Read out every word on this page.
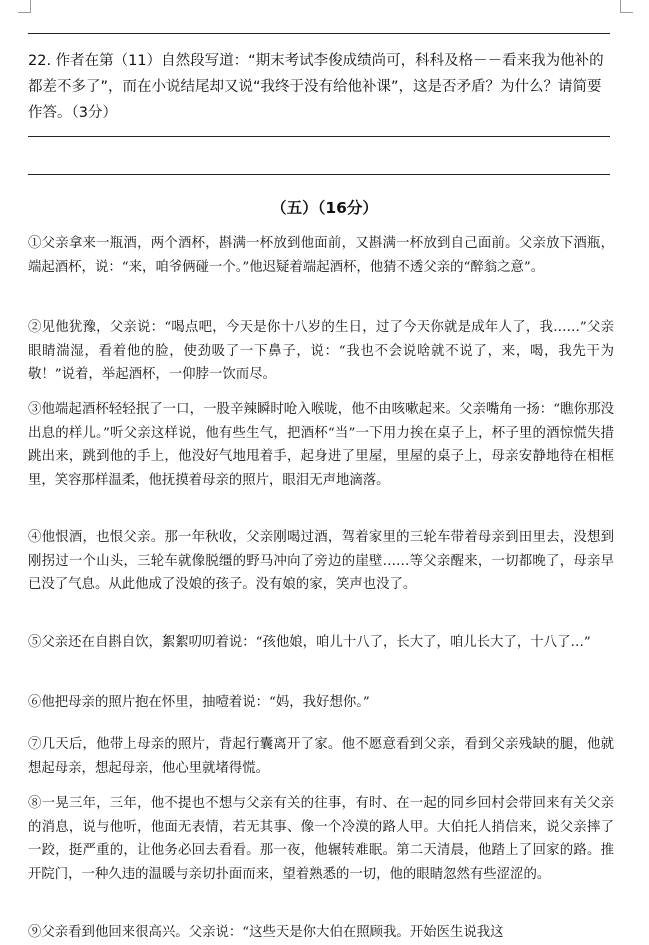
22. 作者在第（11）自然段写道：“期末考试李俊成绩尚可，科科及格－－看来我为他补的都差不多了”，而在小说结尾却又说“我终于没有给他补课”，这是否矛盾？为什么？请简要作答。（3分）

（五）（16分）

①父亲拿来一瓶酒，两个酒杯，斟满一杯放到他面前，又斟满一杯放到自己面前。父亲放下酒瓶，端起酒杯，说：“来，咱爷俩碰一个。”他迟疑着端起酒杯，他猜不透父亲的“醉翁之意”。

②见他犹豫，父亲说：“喝点吧，今天是你十八岁的生日，过了今天你就是成年人了，我……”父亲眼睛湍湿，看着他的脸，使劲吸了一下鼻子，说：“我也不会说啥就不说了，来，喝，我先干为敬！”说着，举起酒杯，一仰脖一饮而尽。

③他端起酒杯轻轻抿了一口，一股辛辣瞬时呛入喉咙，他不由咳嗽起来。父亲嘴角一扬：“瞧你那没出息的样儿。”听父亲这样说，他有些生气，把酒杯“当”一下用力挨在桌子上，杯子里的酒惊慌失措跳出来，跳到他的手上，他没好气地甩着手，起身进了里屋，里屋的桌子上，母亲安静地待在相框里，笑容那样温柔，他抚摸着母亲的照片，眼泪无声地滴落。

④他恨酒，也恨父亲。那一年秋收，父亲刚喝过酒，驾着家里的三轮车带着母亲到田里去，没想到刚拐过一个山头，三轮车就像脱缰的野马冲向了旁边的崖壁……等父亲醒来，一切都晚了，母亲早已没了气息。从此他成了没娘的孩子。没有娘的家，笑声也没了。

⑤父亲还在自斟自饮，絮絮叨叨着说：“孩他娘，咱儿十八了，长大了，咱儿长大了，十八了…”

⑥他把母亲的照片抱在怀里，抽噎着说：“妈，我好想你。”

⑦几天后，他带上母亲的照片，背起行囊离开了家。他不愿意看到父亲，看到父亲残缺的腿，他就想起母亲，想起母亲，他心里就堵得慌。

⑧一晃三年，三年，他不提也不想与父亲有关的往事，有时、在一起的同乡回村会带回来有关父亲的消息，说与他听，他面无表情，若无其事、像一个冷漠的路人甲。大伯托人捎信来，说父亲摔了一跤，挺严重的，让他务必回去看看。那一夜，他辗转难眠。第二天清晨，他踏上了回家的路。推开院门，一种久违的温暖与亲切扑面而来，望着熟悉的一切，他的眼睛忽然有些涩涩的。

⑨父亲看到他回来很高兴。父亲说：“这些天是你大伯在照顾我。开始医生说我这
